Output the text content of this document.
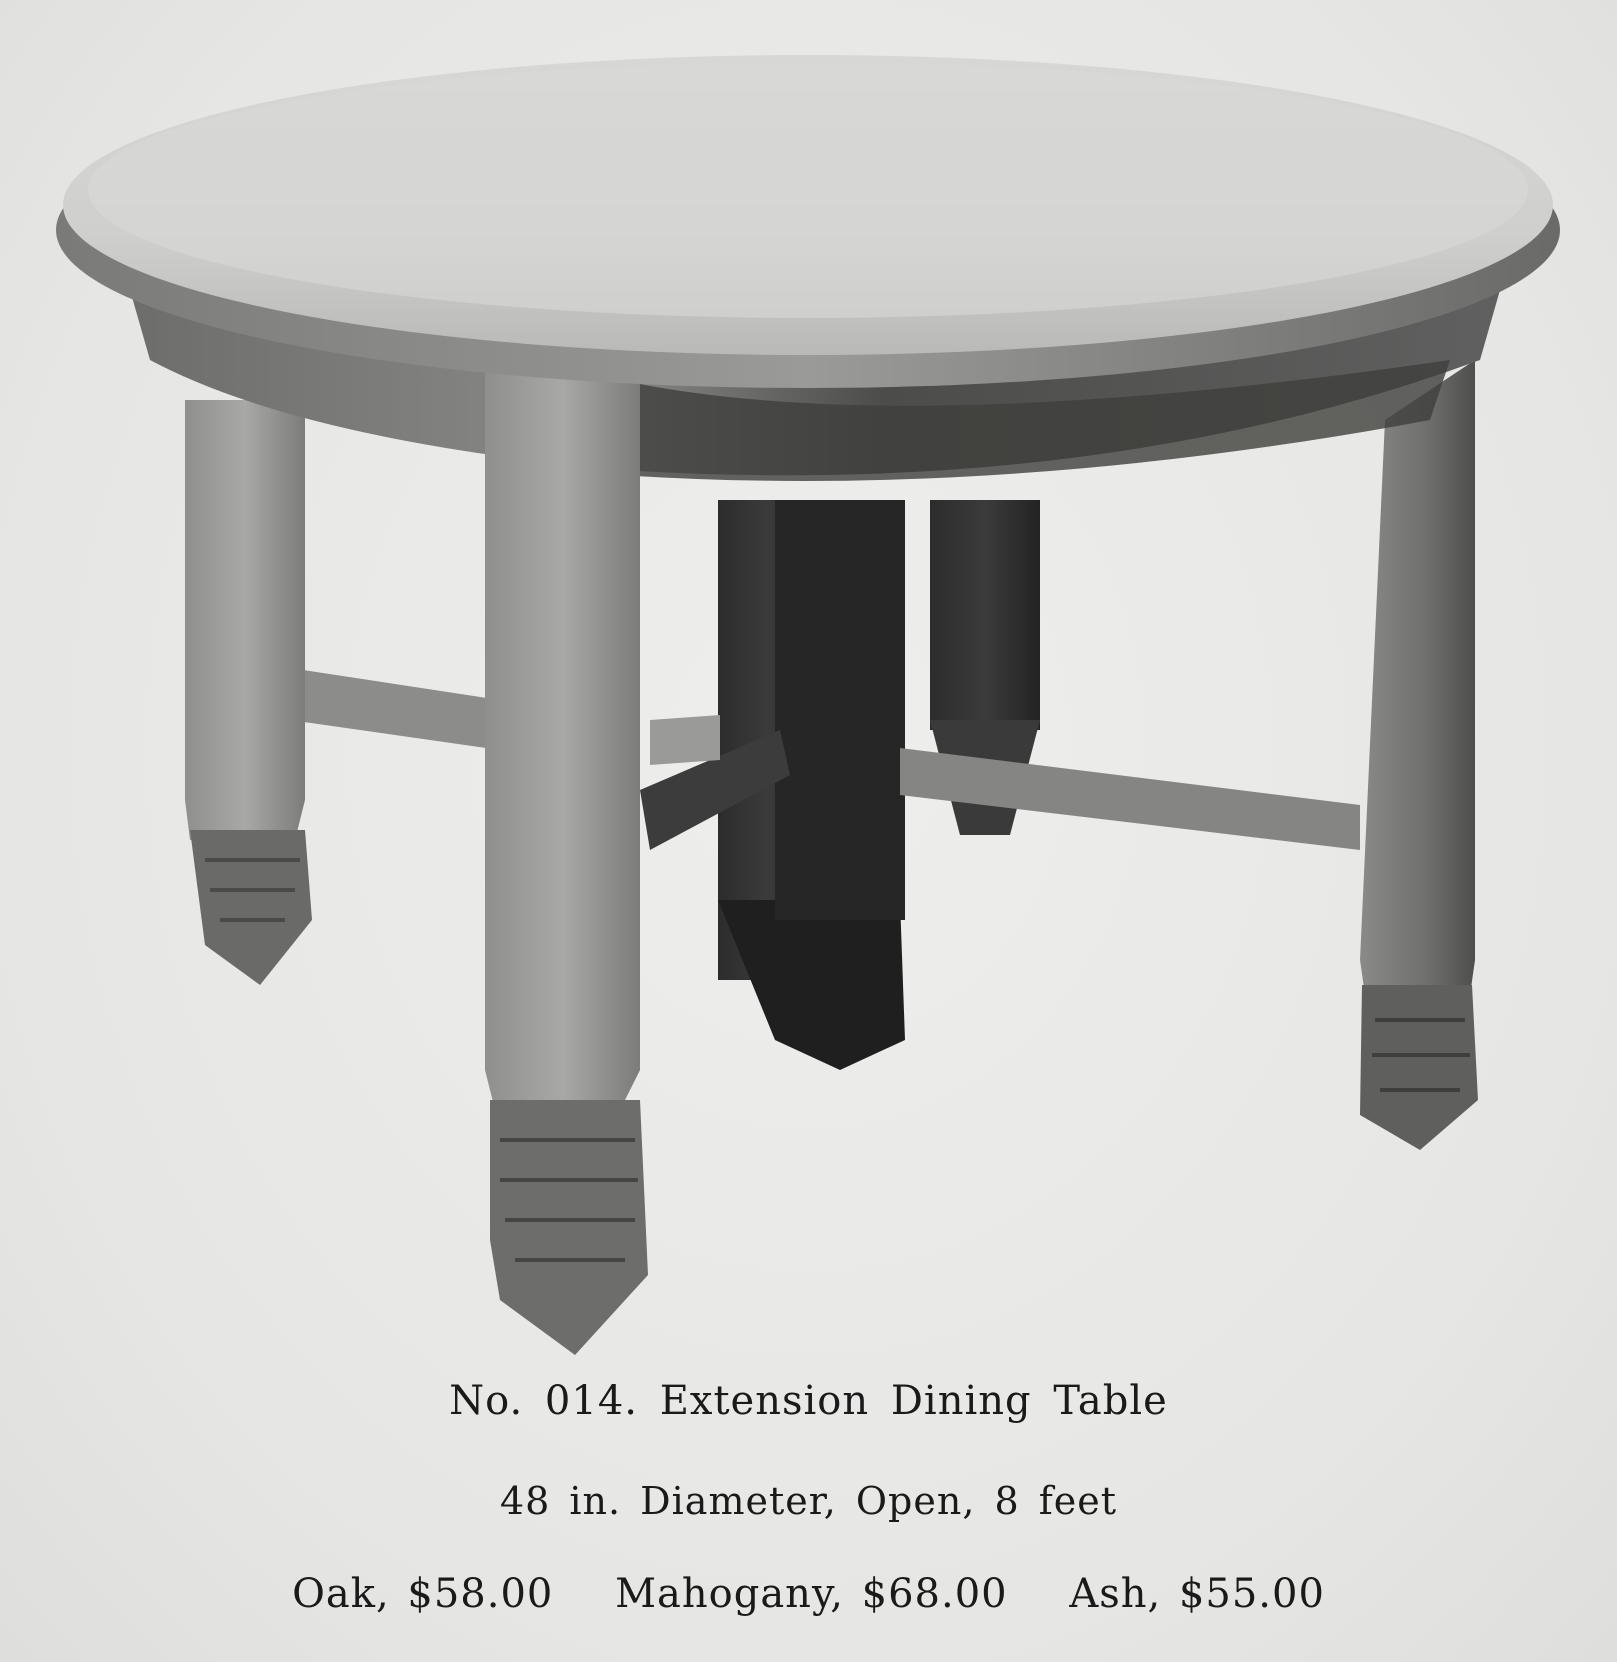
No. 014. Extension Dining Table
48 in. Diameter, Open, 8 feet
Oak, $58.00 Mahogany, $68.00 Ash, $55.00
